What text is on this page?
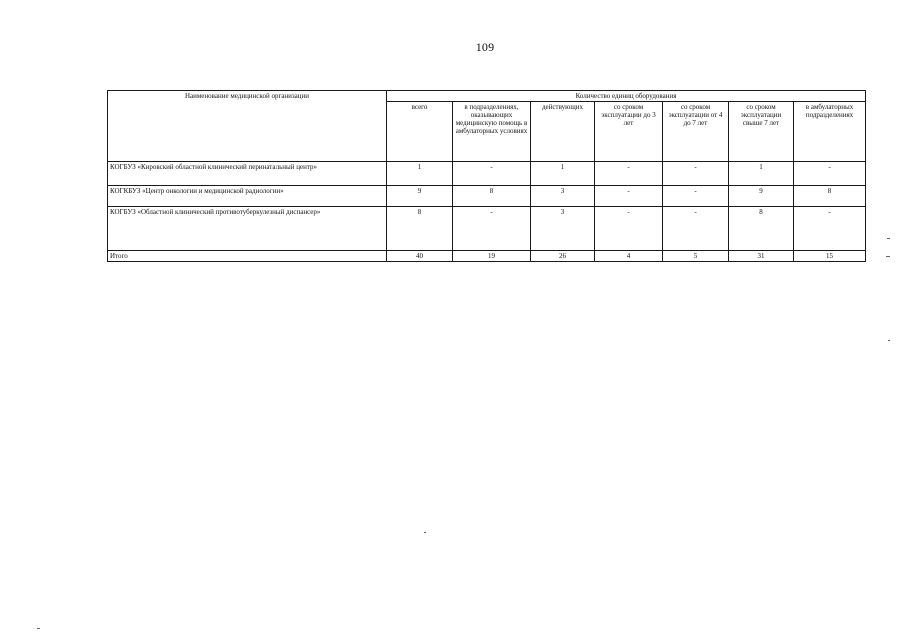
109
Наименование медицинской организации	Количество единиц оборудования						
	всего	в подразделениях, оказывающих медицинскую помощь в амбулаторных условиях	действующих	со сроком эксплуатации до 3 лет	со сроком эксплуатации от 4 до 7 лет	со сроком эксплуатации свыше 7 лет	в амбулаторных подразделениях
КОГБУЗ «Кировский областной клинический перинатальный центр»	1	-	1	-	-	1	-
КОГКБУЗ «Центр онкологии и медицинской радиологии»	9	8	3	-	-	9	8
КОГБУЗ «Областной клинический противотуберкулезный диспансер»	8	-	3	-	-	8	-
Итого	40	19	26	4	5	31	15
